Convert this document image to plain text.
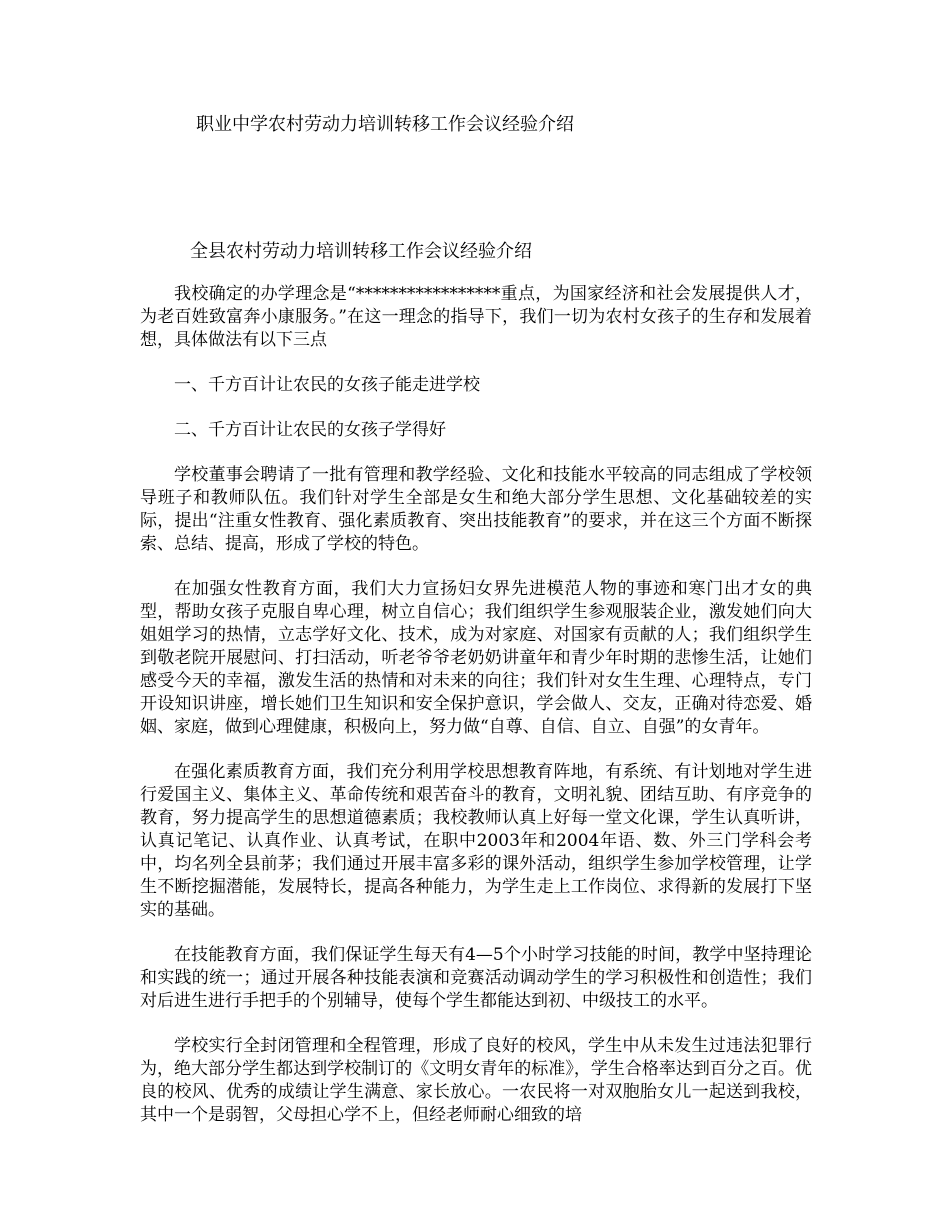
职业中学农村劳动力培训转移工作会议经验介绍
全县农村劳动力培训转移工作会议经验介绍

我校确定的办学理念是“*****************重点，为国家经济和社会发展提供人才，为老百姓致富奔小康服务。”在这一理念的指导下，我们一切为农村女孩子的生存和发展着想，具体做法有以下三点

一、千方百计让农民的女孩子能走进学校

二、千方百计让农民的女孩子学得好

学校董事会聘请了一批有管理和教学经验、文化和技能水平较高的同志组成了学校领导班子和教师队伍。我们针对学生全部是女生和绝大部分学生思想、文化基础较差的实际，提出“注重女性教育、强化素质教育、突出技能教育”的要求，并在这三个方面不断探索、总结、提高，形成了学校的特色。

在加强女性教育方面，我们大力宣扬妇女界先进模范人物的事迹和寒门出才女的典型，帮助女孩子克服自卑心理，树立自信心；我们组织学生参观服装企业，激发她们向大姐姐学习的热情，立志学好文化、技术，成为对家庭、对国家有贡献的人；我们组织学生到敬老院开展慰问、打扫活动，听老爷爷老奶奶讲童年和青少年时期的悲惨生活，让她们感受今天的幸福，激发生活的热情和对未来的向往；我们针对女生生理、心理特点，专门开设知识讲座，增长她们卫生知识和安全保护意识，学会做人、交友，正确对待恋爱、婚姻、家庭，做到心理健康，积极向上，努力做“自尊、自信、自立、自强”的女青年。

在强化素质教育方面，我们充分利用学校思想教育阵地，有系统、有计划地对学生进行爱国主义、集体主义、革命传统和艰苦奋斗的教育，文明礼貌、团结互助、有序竞争的教育，努力提高学生的思想道德素质；我校教师认真上好每一堂文化课，学生认真听讲，认真记笔记、认真作业、认真考试，在职中2003年和2004年语、数、外三门学科会考中，均名列全县前茅；我们通过开展丰富多彩的课外活动，组织学生参加学校管理，让学生不断挖掘潜能，发展特长，提高各种能力，为学生走上工作岗位、求得新的发展打下坚实的基础。

在技能教育方面，我们保证学生每天有4—5个小时学习技能的时间，教学中坚持理论和实践的统一；通过开展各种技能表演和竞赛活动调动学生的学习积极性和创造性；我们对后进生进行手把手的个别辅导，使每个学生都能达到初、中级技工的水平。

学校实行全封闭管理和全程管理，形成了良好的校风，学生中从未发生过违法犯罪行为，绝大部分学生都达到学校制订的《文明女青年的标准》，学生合格率达到百分之百。优良的校风、优秀的成绩让学生满意、家长放心。一农民将一对双胞胎女儿一起送到我校，其中一个是弱智，父母担心学不上，但经老师耐心细致的培
